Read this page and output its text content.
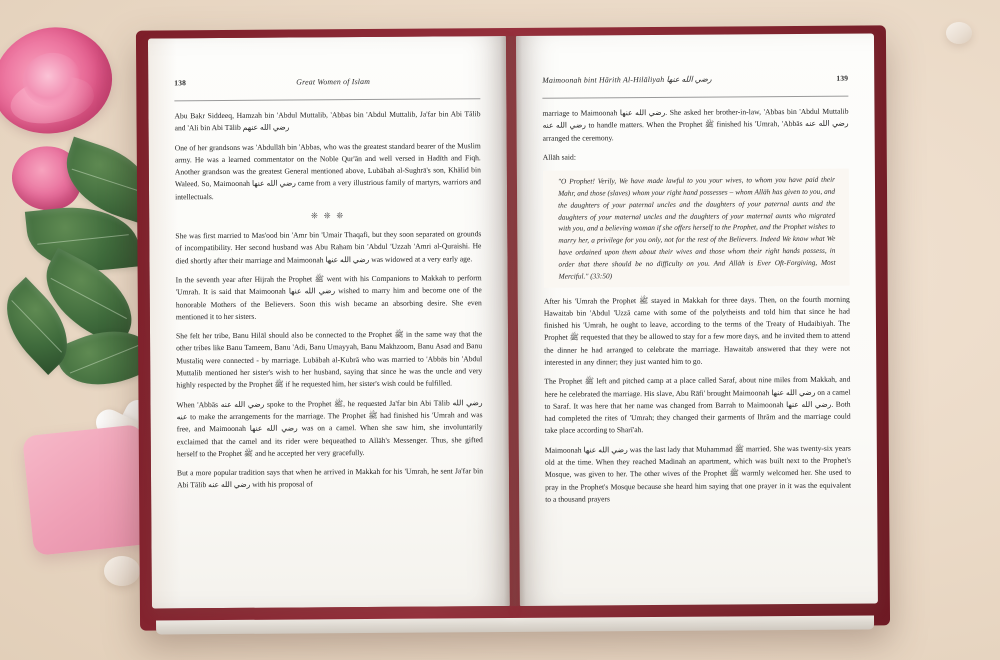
138	Great Women of Islam

Abu Bakr Siddeeq, Hamzah bin 'Abdul Muttalib, 'Abbas bin 'Abdul Muttalib, Ja'far bin Abi Tālib and 'Ali bin Abi Tālib رضي الله عنهم

One of her grandsons was 'Abdullāh bin 'Abbas, who was the greatest standard bearer of the Muslim army. He was a learned commentator on the Noble Qur'ān and well versed in Hadīth and Fiqh. Another grandson was the greatest General mentioned above, Lubābah al-Sughrā's son, Khālid bin Waleed. So, Maimoonah رضي الله عنها came from a very illustrious family of martyrs, warriors and intellectuals.

❊ ❊ ❊

She was first married to Mas'ood bin 'Amr bin 'Umair Thaqafi, but they soon separated on grounds of incompatibility. Her second husband was Abu Raham bin 'Abdul 'Uzzah 'Amri al-Quraishi. He died shortly after their marriage and Maimoonah رضي الله عنها was widowed at a very early age.

In the seventh year after Hijrah the Prophet ﷺ went with his Companions to Makkah to perform 'Umrah. It is said that Maimoonah رضي الله عنها wished to marry him and become one of the honorable Mothers of the Believers. Soon this wish became an absorbing desire. She even mentioned it to her sisters.

She felt her tribe, Banu Hilāl should also be connected to the Prophet ﷺ in the same way that the other tribes like Banu Tameem, Banu 'Adi, Banu Umayyah, Banu Makhzoom, Banu Asad and Banu Mustaliq were connected - by marriage. Lubābah al-Kubrā who was married to 'Abbās bin 'Abdul Muttalib mentioned her sister's wish to her husband, saying that since he was the uncle and very highly respected by the Prophet ﷺ if he requested him, her sister's wish could be fulfilled.

When 'Abbās رضي الله عنه spoke to the Prophet ﷺ, he requested Ja'far bin Abi Tālib رضي الله عنه to make the arrangements for the marriage. The Prophet ﷺ had finished his 'Umrah and was free, and Maimoonah رضي الله عنها was on a camel. When she saw him, she involuntarily exclaimed that the camel and its rider were bequeathed to Allāh's Messenger. Thus, she gifted herself to the Prophet ﷺ and he accepted her very gracefully.

But a more popular tradition says that when he arrived in Makkah for his 'Umrah, he sent Ja'far bin Abi Tālib رضي الله عنه with his proposal of

Maimoonah bint Hārith Al-Hilāliyah رضي الله عنها	139

marriage to Maimoonah رضي الله عنها. She asked her brother-in-law, 'Abbas bin 'Abdul Muttalib رضي الله عنه to handle matters. When the Prophet ﷺ finished his 'Umrah, 'Abbās رضي الله عنه arranged the ceremony.

Allāh said:

"O Prophet! Verily, We have made lawful to you your wives, to whom you have paid their Mahr, and those (slaves) whom your right hand possesses – whom Allāh has given to you, and the daughters of your paternal uncles and the daughters of your paternal aunts and the daughters of your maternal uncles and the daughters of your maternal aunts who migrated with you, and a believing woman if she offers herself to the Prophet, and the Prophet wishes to marry her, a privilege for you only, not for the rest of the Believers. Indeed We know what We have ordained upon them about their wives and those whom their right hands possess, in order that there should be no difficulty on you. And Allāh is Ever Oft-Forgiving, Most Merciful." (33:50)

After his 'Umrah the Prophet ﷺ stayed in Makkah for three days. Then, on the fourth morning Hawaitab bin 'Abdul 'Uzzā came with some of the polytheists and told him that since he had finished his 'Umrah, he ought to leave, according to the terms of the Treaty of Hudaibiyah. The Prophet ﷺ requested that they be allowed to stay for a few more days, and he invited them to attend the dinner he had arranged to celebrate the marriage. Hawaitab answered that they were not interested in any dinner; they just wanted him to go.

The Prophet ﷺ left and pitched camp at a place called Saraf, about nine miles from Makkah, and here he celebrated the marriage. His slave, Abu Rāfi' brought Maimoonah رضي الله عنها on a camel to Saraf. It was here that her name was changed from Barrah to Maimoonah رضي الله عنها. Both had completed the rites of 'Umrah; they changed their garments of Ihrām and the marriage could take place according to Sharī'ah.

Maimoonah رضي الله عنها was the last lady that Muhammad ﷺ married. She was twenty-six years old at the time. When they reached Madinah an apartment, which was built next to the Prophet's Mosque, was given to her. The other wives of the Prophet ﷺ warmly welcomed her. She used to pray in the Prophet's Mosque because she heard him saying that one prayer in it was the equivalent to a thousand prayers
